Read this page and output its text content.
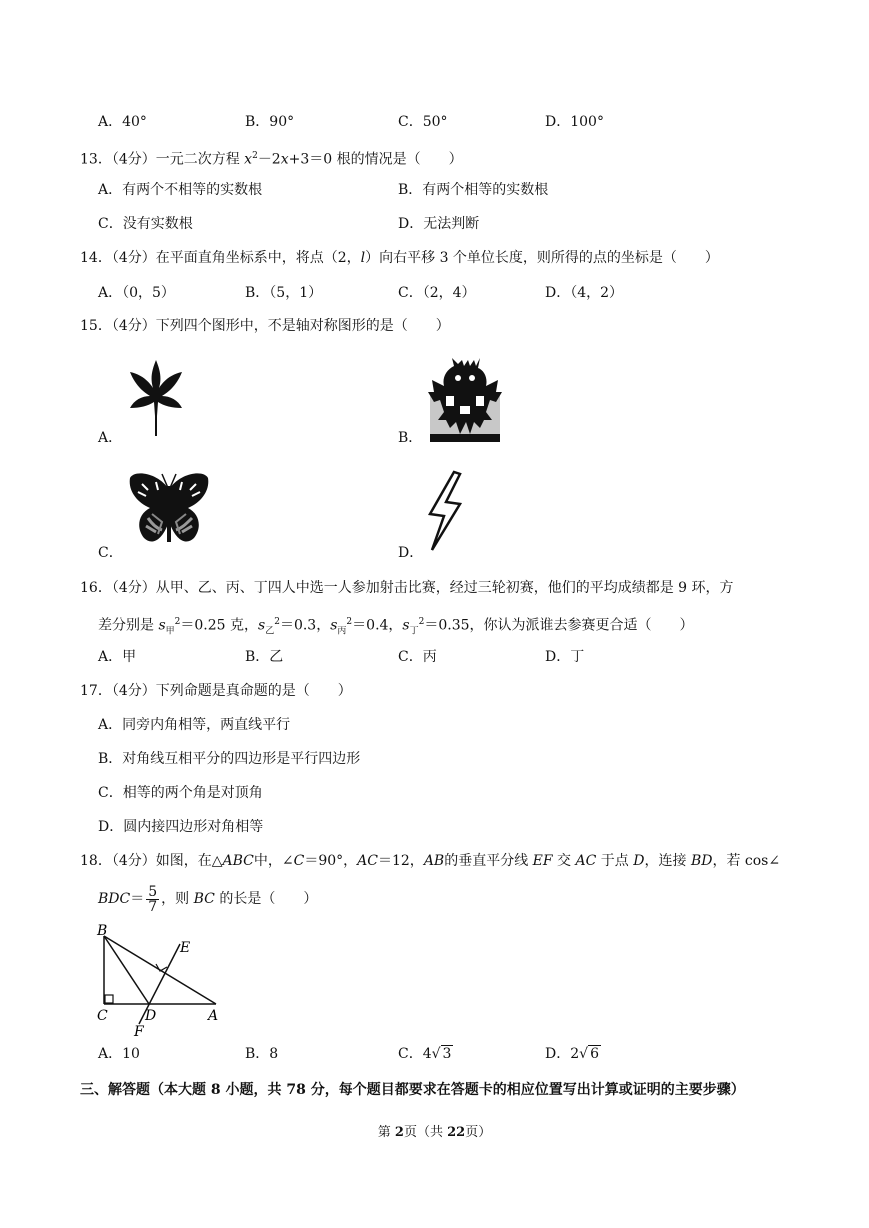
A．40°	B．90°	C．50°	D．100°
13．（4分）一元二次方程 $x^2-2x+3=0$ 根的情况是（　　）
A．有两个不相等的实数根	B．有两个相等的实数根
C．没有实数根	D．无法判断
14．（4分）在平面直角坐标系中，将点（2，l）向右平移 3 个单位长度，则所得的点的坐标是（　　）
A．（0，5）	B．（5，1）	C．（2，4）	D．（4，2）
15．（4分）下列四个图形中，不是轴对称图形的是（　　）
A．	B．
C．	D．
16．（4分）从甲、乙、丙、丁四人中选一人参加射击比赛，经过三轮初赛，他们的平均成绩都是 9 环，方
差分别是 $s_甲^2=0.25$ 克，$s_乙^2=0.3$，$s_丙^2=0.4$，$s_丁^2=0.35$，你认为派谁去参赛更合适（　　）
A．甲	B．乙	C．丙	D．丁
17．（4分）下列命题是真命题的是（　　）
A．同旁内角相等，两直线平行
B．对角线互相平分的四边形是平行四边形
C．相等的两个角是对顶角
D．圆内接四边形对角相等
18．（4分）如图，在△ABC中，∠C＝90°，AC＝12，AB的垂直平分线 EF 交 AC 于点 D，连接 BD，若 cos∠
$BDC= \frac{5}{7}$ ，则 BC 的长是（　　）
B
E
C	D	A
F
A．10	B．8	C．4√ 3	D．2√ 6
三、解答题（本大题 8 小题，共 78 分，每个题目都要求在答题卡的相应位置写出计算或证明的主要步骤）
第 2页（共 22页）
